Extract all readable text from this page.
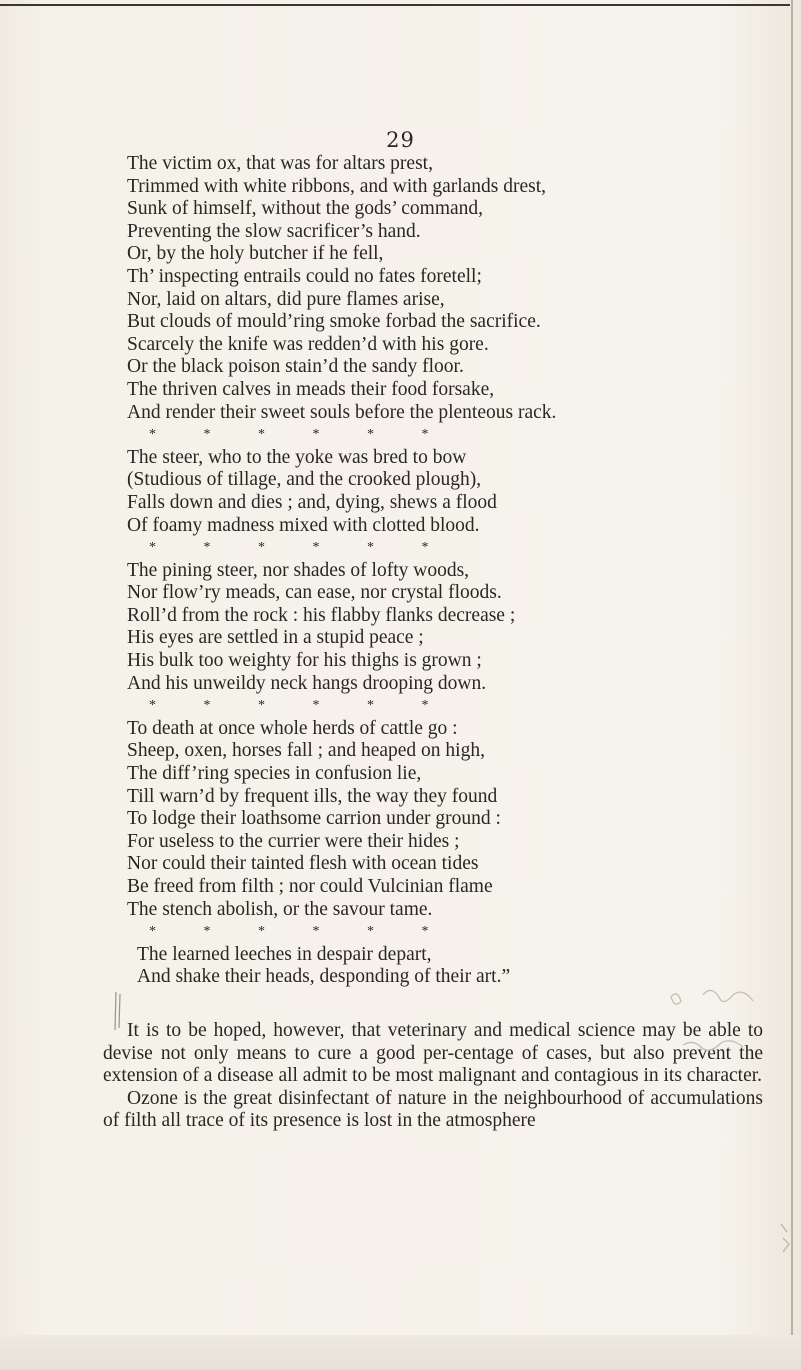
29
The victim ox, that was for altars prest,
Trimmed with white ribbons, and with garlands drest,
Sunk of himself, without the gods’ command,
Preventing the slow sacrificer’s hand.
Or, by the holy butcher if he fell,
Th’ inspecting entrails could no fates foretell;
Nor, laid on altars, did pure flames arise,
But clouds of mould’ring smoke forbad the sacrifice.
Scarcely the knife was redden’d with his gore.
Or the black poison stain’d the sandy floor.
The thriven calves in meads their food forsake,
And render their sweet souls before the plenteous rack.
* * * * * *
The steer, who to the yoke was bred to bow
(Studious of tillage, and the crooked plough),
Falls down and dies ; and, dying, shews a flood
Of foamy madness mixed with clotted blood.
* * * * * *
The pining steer, nor shades of lofty woods,
Nor flow’ry meads, can ease, nor crystal floods.
Roll’d from the rock : his flabby flanks decrease ;
His eyes are settled in a stupid peace ;
His bulk too weighty for his thighs is grown ;
And his unweildy neck hangs drooping down.
* * * * * *
To death at once whole herds of cattle go :
Sheep, oxen, horses fall ; and heaped on high,
The diff’ring species in confusion lie,
Till warn’d by frequent ills, the way they found
To lodge their loathsome carrion under ground :
For useless to the currier were their hides ;
Nor could their tainted flesh with ocean tides
Be freed from filth ; nor could Vulcinian flame
The stench abolish, or the savour tame.
* * * * * *
The learned leeches in despair depart,
And shake their heads, desponding of their art.”

It is to be hoped, however, that veterinary and medical science may be able to devise not only means to cure a good per-centage of cases, but also prevent the extension of a disease all admit to be most malignant and contagious in its character.

Ozone is the great disinfectant of nature in the neighbourhood of accumulations of filth all trace of its presence is lost in the atmosphere
